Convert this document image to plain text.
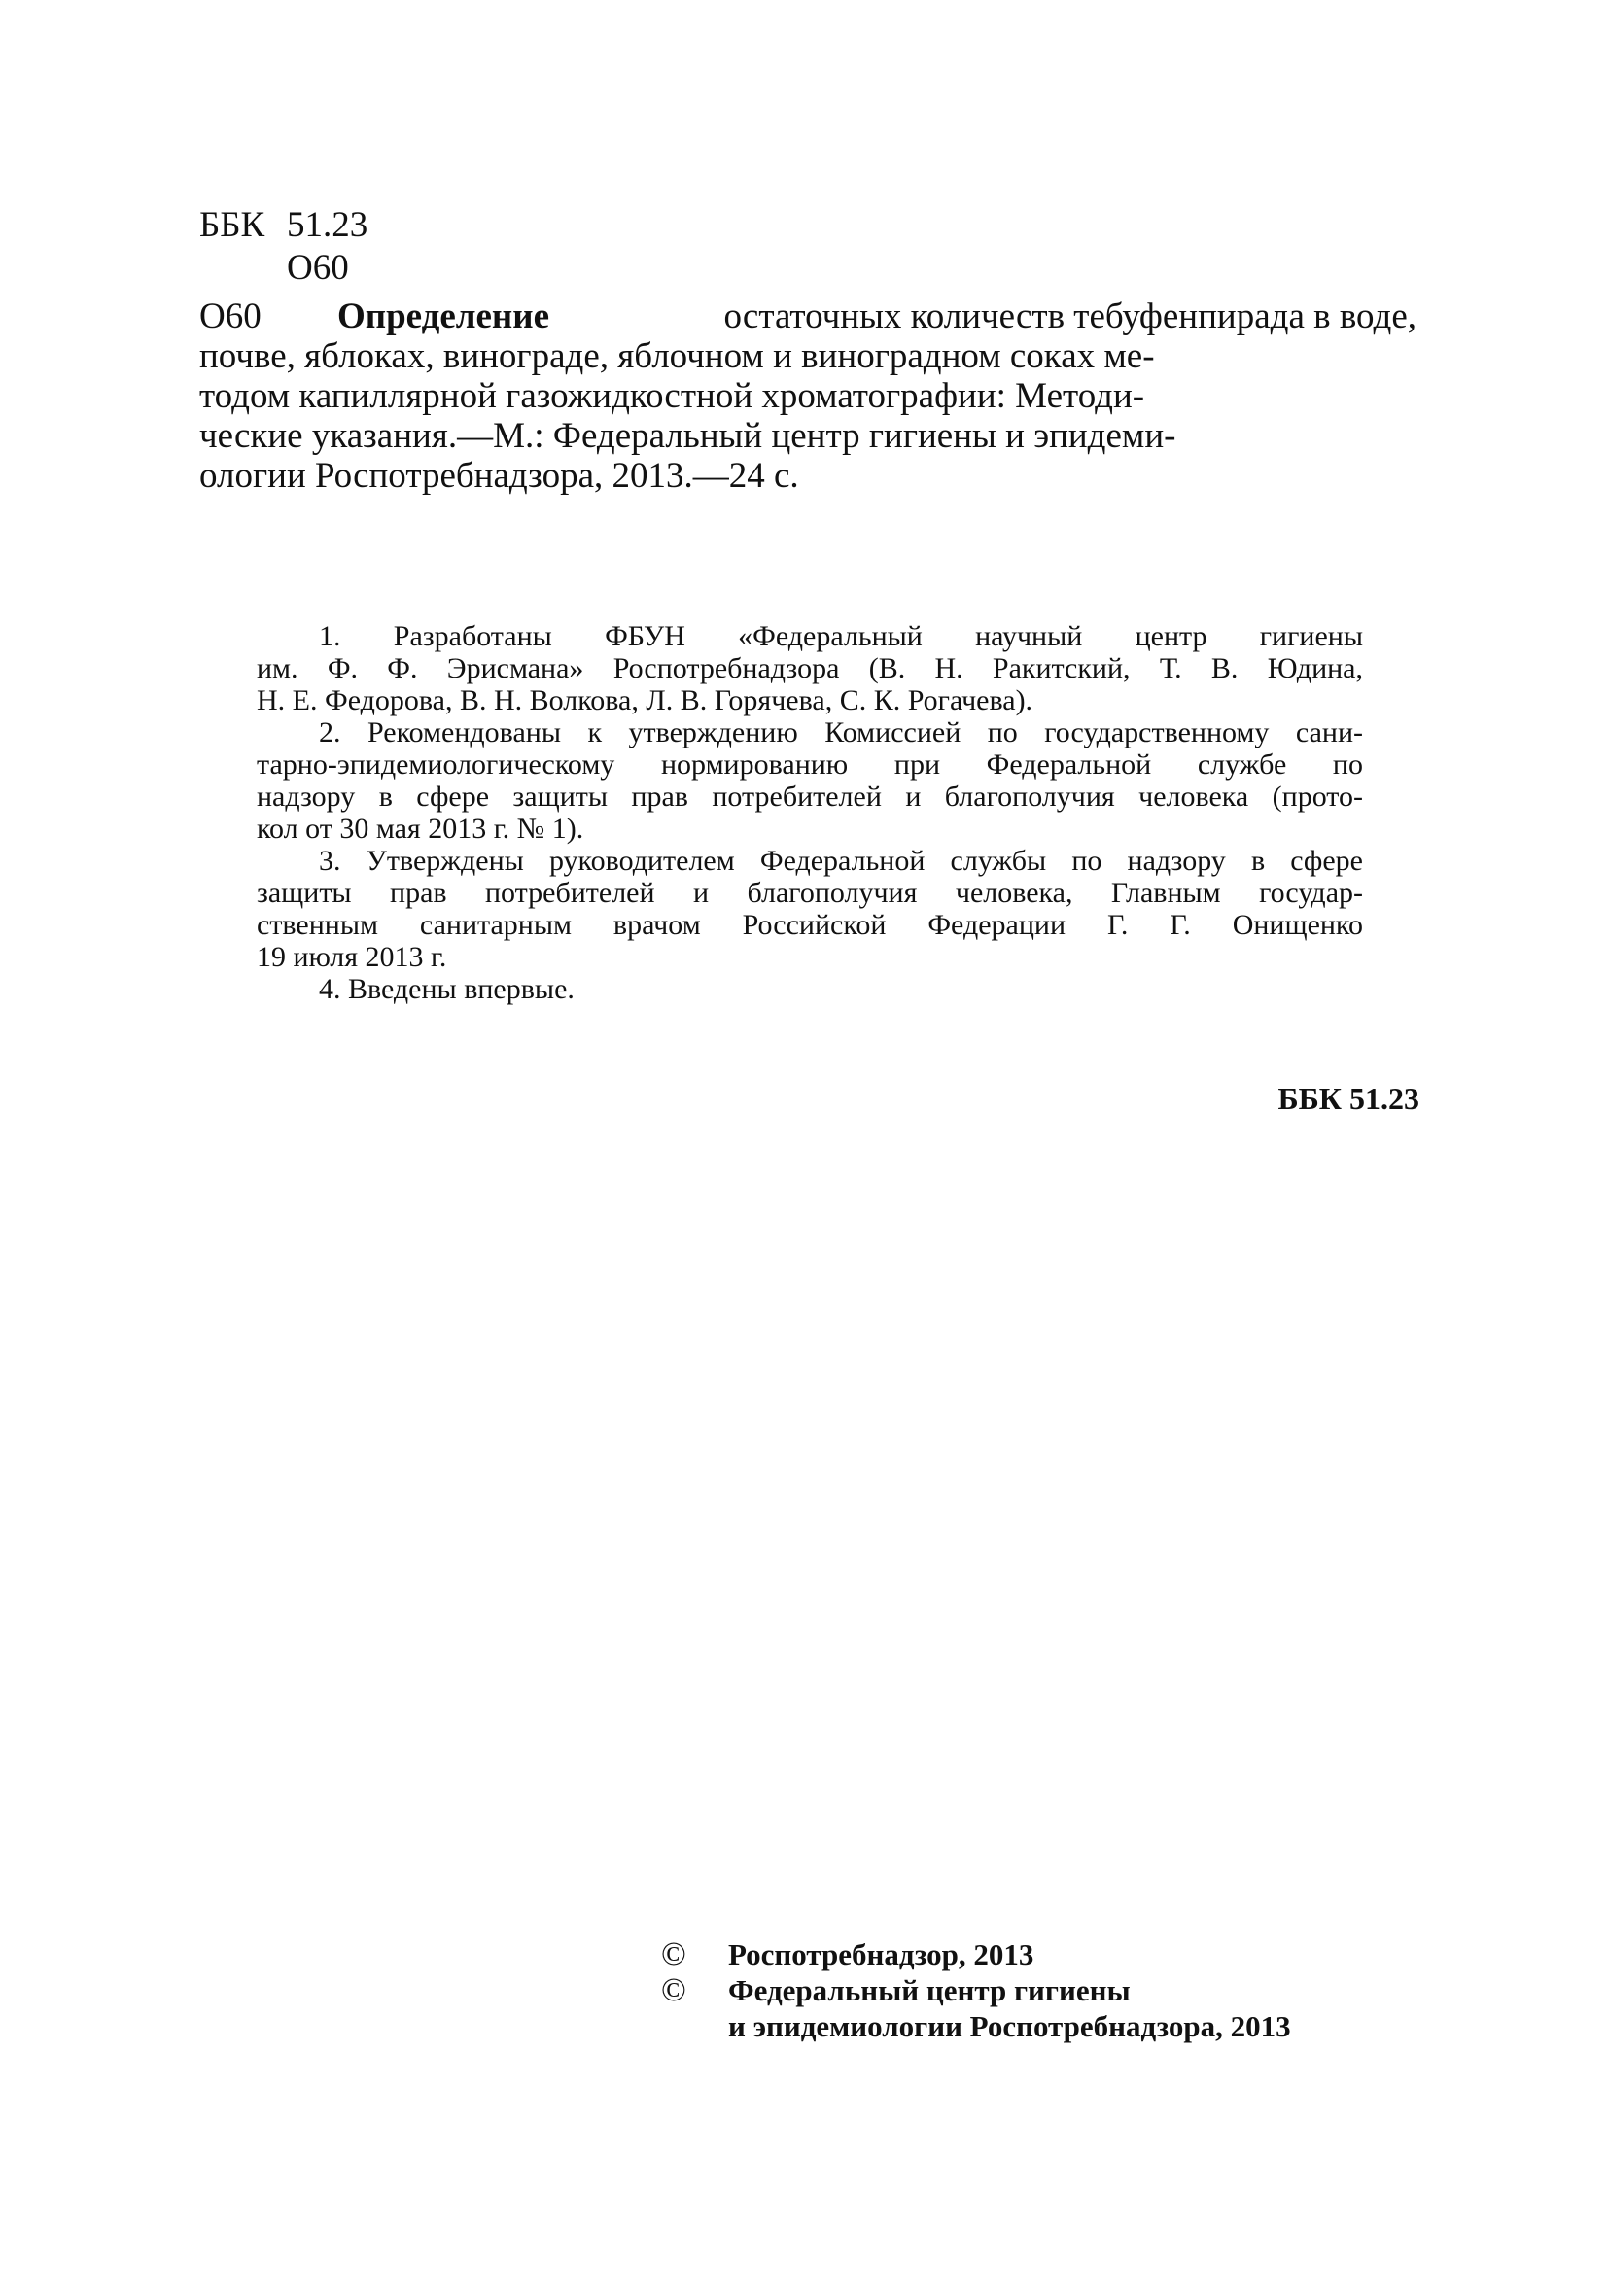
ББК 51.23
О60
О60	Определение	остаточных количеств тебуфенпирада в воде,
почве, яблоках, винограде, яблочном и виноградном соках ме-
тодом капиллярной газожидкостной хроматографии: Методи-
ческие указания.—М.: Федеральный центр гигиены и эпидеми-
ологии Роспотребнадзора, 2013.—24 с.
1. Разработаны ФБУН «Федеральный научный центр гигиены
им. Ф. Ф. Эрисмана» Роспотребнадзора (В. Н. Ракитский, Т. В. Юдина,
Н. Е. Федорова, В. Н. Волкова, Л. В. Горячева, С. К. Рогачева).
2. Рекомендованы к утверждению Комиссией по государственному сани-
тарно-эпидемиологическому нормированию при Федеральной службе по
надзору в сфере защиты прав потребителей и благополучия человека (прото-
кол от 30 мая 2013 г. № 1).
3. Утверждены руководителем Федеральной службы по надзору в сфере
защиты прав потребителей и благополучия человека, Главным государ-
ственным санитарным врачом Российской Федерации Г. Г. Онищенко
19 июля 2013 г.
4. Введены впервые.
ББК 51.23
©	Роспотребнадзор, 2013
©	Федеральный центр гигиены
и эпидемиологии Роспотребнадзора, 2013
